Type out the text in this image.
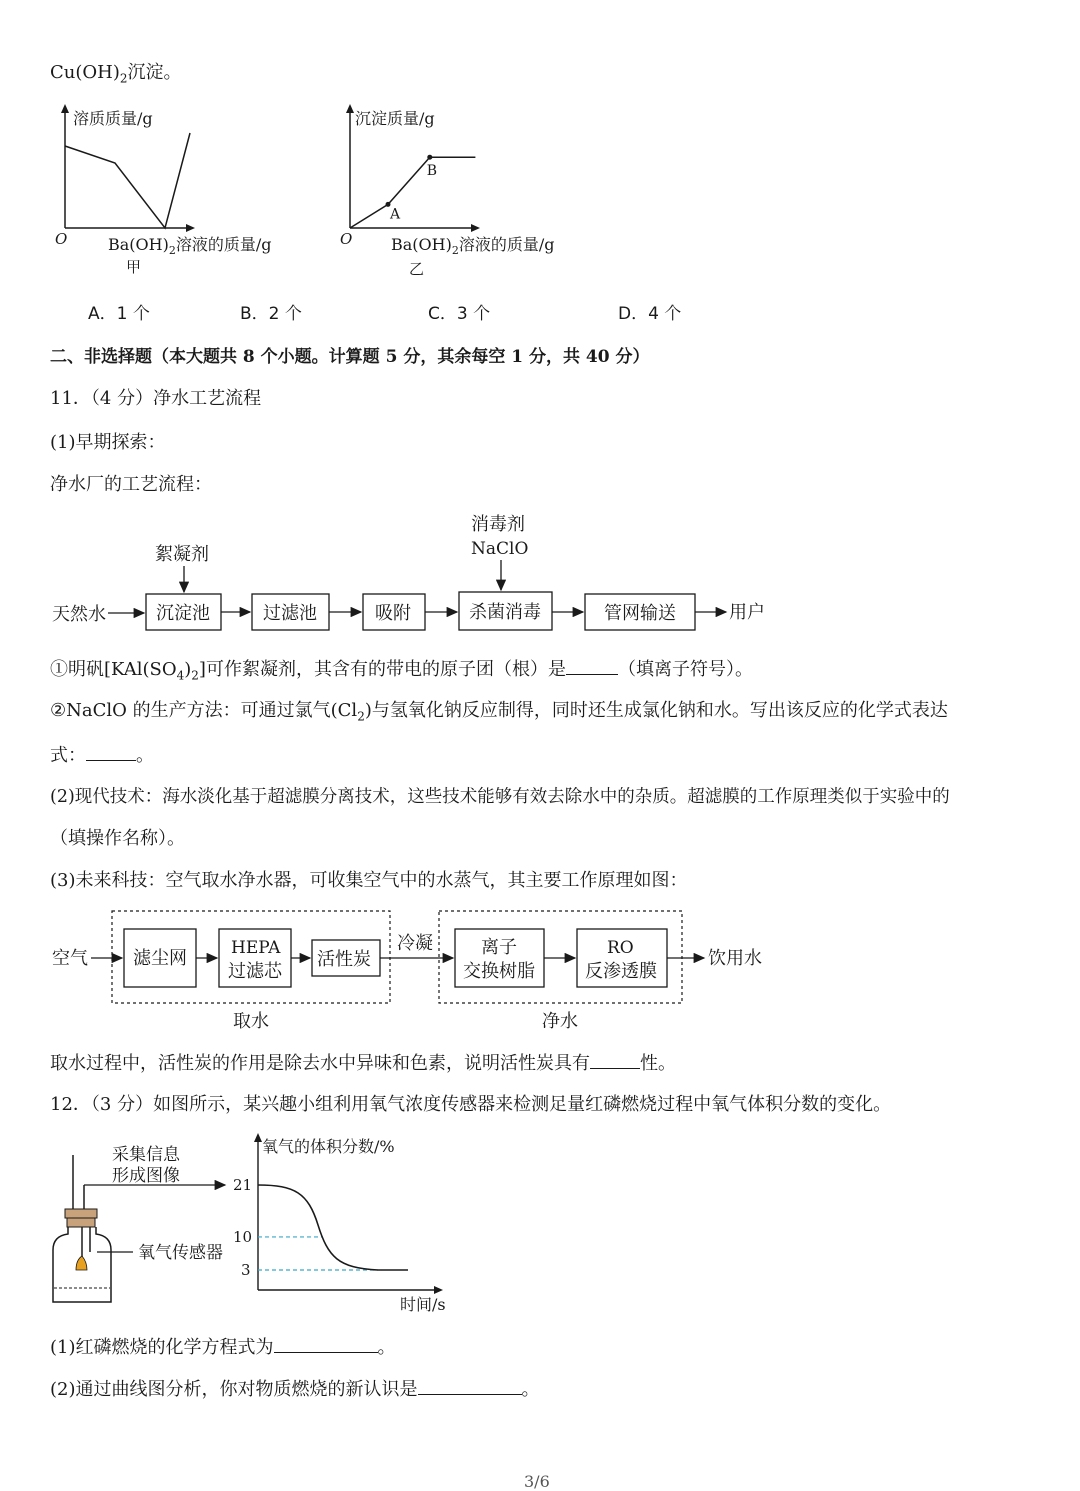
$Cu(OH)_2$沉淀。
溶质质量/g
O	$Ba(OH)_2$溶液的质量/g
甲
A
B
沉淀质量/g
O $Ba(OH)_2$溶液的质量/g
乙
A．1 个	B．2 个	C．3 个	D．4 个
二、非选择题（本大题共 8 个小题。计算题 5 分，其余每空 1 分，共 40 分）
11．（4 分）净水工艺流程
(1)早期探索：
净水厂的工艺流程：
天然水
絮凝剂
沉淀池	过滤池	吸附
消毒剂
NaClO
杀菌消毒	管网输送	用户
①明矾$[KAl(SO_4)_2]$可作絮凝剂，其含有的带电的原子团（根）是	（填离子符号）。
②NaClO 的生产方法：可通过氯气$(Cl_2)$与氢氧化钠反应制得，同时还生成氯化钠和水。写出该反应的化学式表达
式：	。
(2)现代技术：海水淡化基于超滤膜分离技术，这些技术能够有效去除水中的杂质。超滤膜的工作原理类似于实验中的
（填操作名称）。
(3)未来科技：空气取水净水器，可收集空气中的水蒸气，其主要工作原理如图：
空气	滤尘网	HEPA
过滤芯
活性炭
冷凝	离子
交换树脂
RO
反渗透膜
饮用水
取水	净水
取水过程中，活性炭的作用是除去水中异味和色素，说明活性炭具有	性。
12．（3 分）如图所示，某兴趣小组利用氧气浓度传感器来检测足量红磷燃烧过程中氧气体积分数的变化。
采集信息
形成图像
氧气传感器
氧气的体积分数/%
时间/s
21
10
3
(1)红磷燃烧的化学方程式为	。
(2)通过曲线图分析，你对物质燃烧的新认识是	。
3/6
